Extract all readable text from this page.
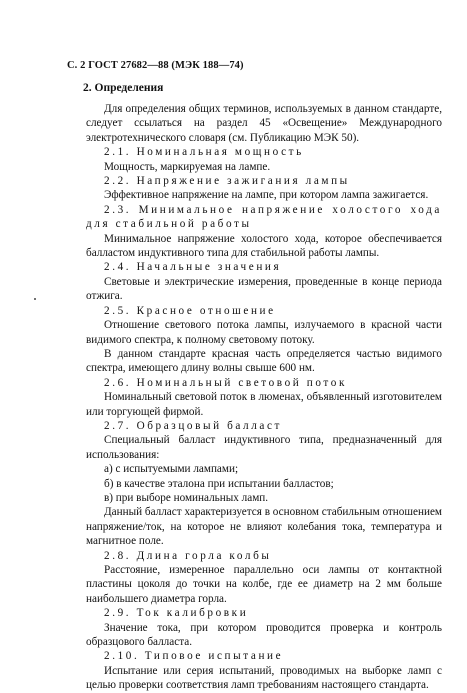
С. 2 ГОСТ 27682—88 (МЭК 188—74)
2. Определения

Для определения общих терминов, используемых в данном стандарте, следует ссылаться на раздел 45 «Освещение» Международного электротехнического словаря (см. Публикацию МЭК 50).

2.1. Номинальная мощность

Мощность, маркируемая на лампе.

2.2. Напряжение зажигания лампы

Эффективное напряжение на лампе, при котором лампа зажигается.

2.3. Минимальное напряжение холостого хода

для стабильной работы

Минимальное напряжение холостого хода, которое обеспечивается балластом индуктивного типа для стабильной работы лампы.

2.4. Начальные значения

Световые и электрические измерения, проведенные в конце периода отжига.

2.5. Красное отношение

Отношение светового потока лампы, излучаемого в красной части видимого спектра, к полному световому потоку.

В данном стандарте красная часть определяется частью видимого спектра, имеющего длину волны свыше 600 нм.

2.6. Номинальный световой поток

Номинальный световой поток в люменах, объявленный изготовителем или торгующей фирмой.

2.7. Образцовый балласт

Специальный балласт индуктивного типа, предназначенный для использования:

а) с испытуемыми лампами;

б) в качестве эталона при испытании балластов;

в) при выборе номинальных ламп.

Данный балласт характеризуется в основном стабильным отношением напряжение/ток, на которое не влияют колебания тока, температура и магнитное поле.

2.8. Длина горла колбы

Расстояние, измеренное параллельно оси лампы от контактной пластины цоколя до точки на колбе, где ее диаметр на 2 мм больше наибольшего диаметра горла.

2.9. Ток калибровки

Значение тока, при котором проводится проверка и контроль образцового балласта.

2.10. Типовое испытание

Испытание или серия испытаний, проводимых на выборке ламп с целью проверки соответствия ламп требованиям настоящего стандарта.
